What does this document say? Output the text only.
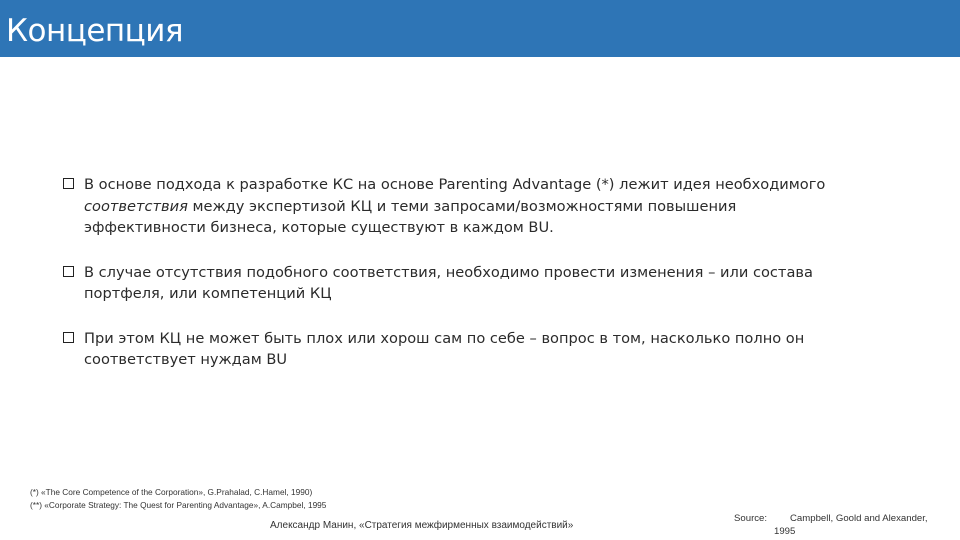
Концепция
В основе подхода к разработке КС на основе Parenting Advantage (*) лежит идея необходимого
соответствия между экспертизой КЦ и теми запросами/возможностями повышения
эффективности бизнеса, которые существуют в каждом BU.
В случае отсутствия подобного соответствия, необходимо провести изменения – или состава
портфеля, или компетенций КЦ
При этом КЦ не может быть плох или хорош сам по себе – вопрос в том, насколько полно он
соответствует нуждам BU
(*) «The Core Competence of the Corporation», G.Prahalad, C.Hamel, 1990)
(**) «Corporate Strategy: The Quest for Parenting Advantage», A.Campbel, 1995
Александр Манин, «Стратегия межфирменных взаимодействий»
Source: Campbell, Goold and Alexander,
1995
